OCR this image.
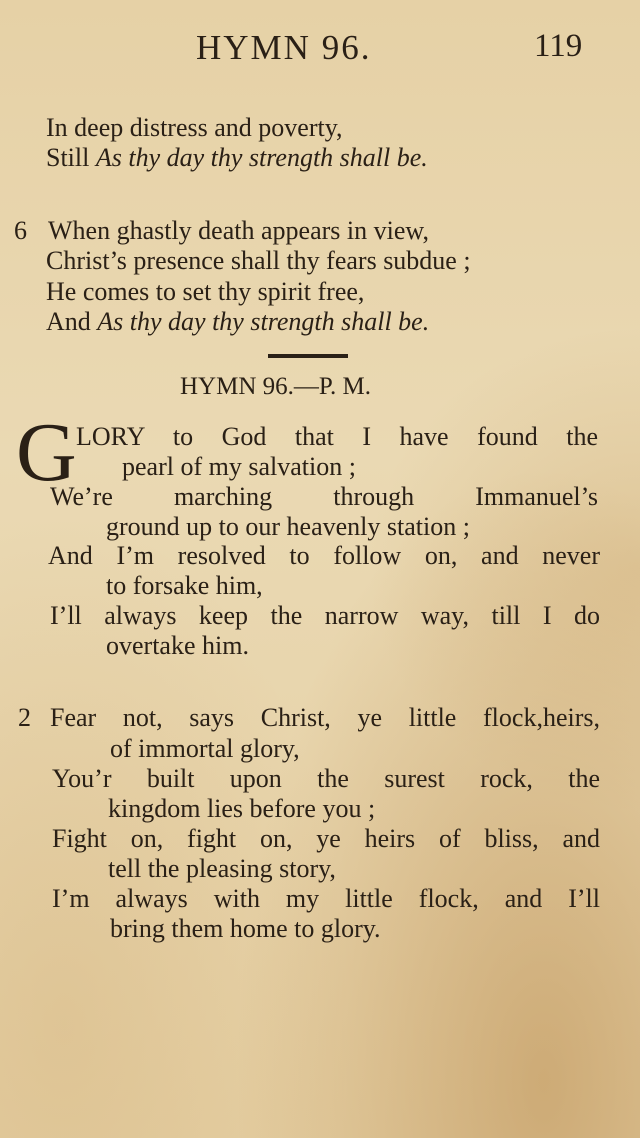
HYMN 96.	119
In deep distress and poverty,
Still As thy day thy strength shall be.
6 When ghastly death appears in view,
Christ’s presence shall thy fears subdue ;
He comes to set thy spirit free,
And As thy day thy strength shall be.
HYMN 96.—P. M.
G LORY to God that I have found the
pearl of my salvation ;
We’re marching through Immanuel’s
ground up to our heavenly station ;
And I’m resolved to follow on, and never
to forsake him,
I’ll always keep the narrow way, till I do
overtake him.
2 Fear not, says Christ, ye little flock,heirs,
of immortal glory,
You’r built upon the surest rock, the
kingdom lies before you ;
Fight on, fight on, ye heirs of bliss, and
tell the pleasing story,
I’m always with my little flock, and I’ll
bring them home to glory.
